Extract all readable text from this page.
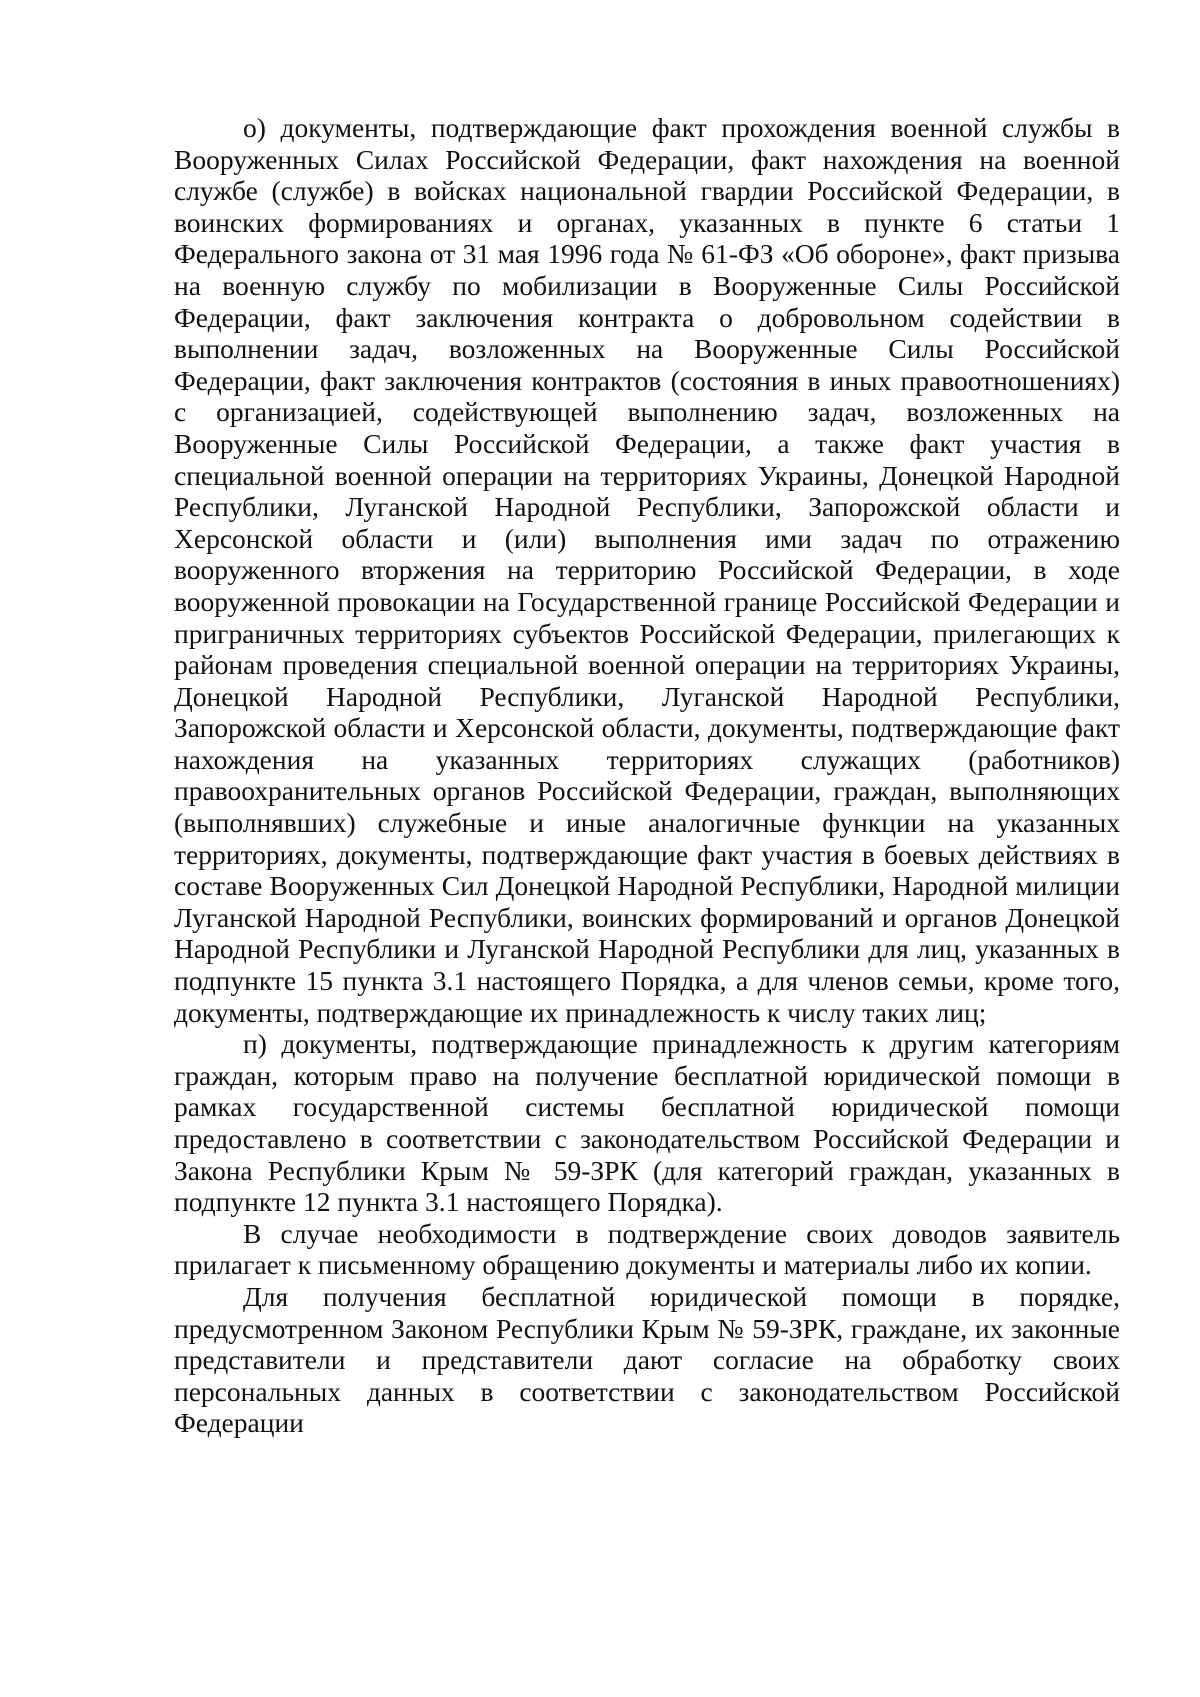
о) документы, подтверждающие факт прохождения военной службы в Вооруженных Силах Российской Федерации, факт нахождения на военной службе (службе) в войсках национальной гвардии Российской Федерации, в воинских формированиях и органах, указанных в пункте 6 статьи 1 Федерального закона от 31 мая 1996 года № 61-ФЗ «Об обороне», факт призыва на военную службу по мобилизации в Вооруженные Силы Российской Федерации, факт заключения контракта о добровольном содействии в выполнении задач, возложенных на Вооруженные Силы Российской Федерации, факт заключения контрактов (состояния в иных правоотношениях) с организацией, содействующей выполнению задач, возложенных на Вооруженные Силы Российской Федерации, а также факт участия в специальной военной операции на территориях Украины, Донецкой Народной Республики, Луганской Народной Республики, Запорожской области и Херсонской области и (или) выполнения ими задач по отражению вооруженного вторжения на территорию Российской Федерации, в ходе вооруженной провокации на Государственной границе Российской Федерации и приграничных территориях субъектов Российской Федерации, прилегающих к районам проведения специальной военной операции на территориях Украины, Донецкой Народной Республики, Луганской Народной Республики, Запорожской области и Херсонской области, документы, подтверждающие факт нахождения на указанных территориях служащих (работников) правоохранительных органов Российской Федерации, граждан, выполняющих (выполнявших) служебные и иные аналогичные функции на указанных территориях, документы, подтверждающие факт участия в боевых действиях в составе Вооруженных Сил Донецкой Народной Республики, Народной милиции Луганской Народной Республики, воинских формирований и органов Донецкой Народной Республики и Луганской Народной Республики для лиц, указанных в подпункте 15 пункта 3.1 настоящего Порядка, а для членов семьи, кроме того, документы, подтверждающие их принадлежность к числу таких лиц;

п) документы, подтверждающие принадлежность к другим категориям граждан, которым право на получение бесплатной юридической помощи в рамках государственной системы бесплатной юридической помощи предоставлено в соответствии с законодательством Российской Федерации и Закона Республики Крым № 59-ЗРК (для категорий граждан, указанных в подпункте 12 пункта 3.1 настоящего Порядка).

В случае необходимости в подтверждение своих доводов заявитель прилагает к письменному обращению документы и материалы либо их копии.

Для получения бесплатной юридической помощи в порядке, предусмотренном Законом Республики Крым № 59-ЗРК, граждане, их законные представители и представители дают согласие на обработку своих персональных данных в соответствии с законодательством Российской Федерации
